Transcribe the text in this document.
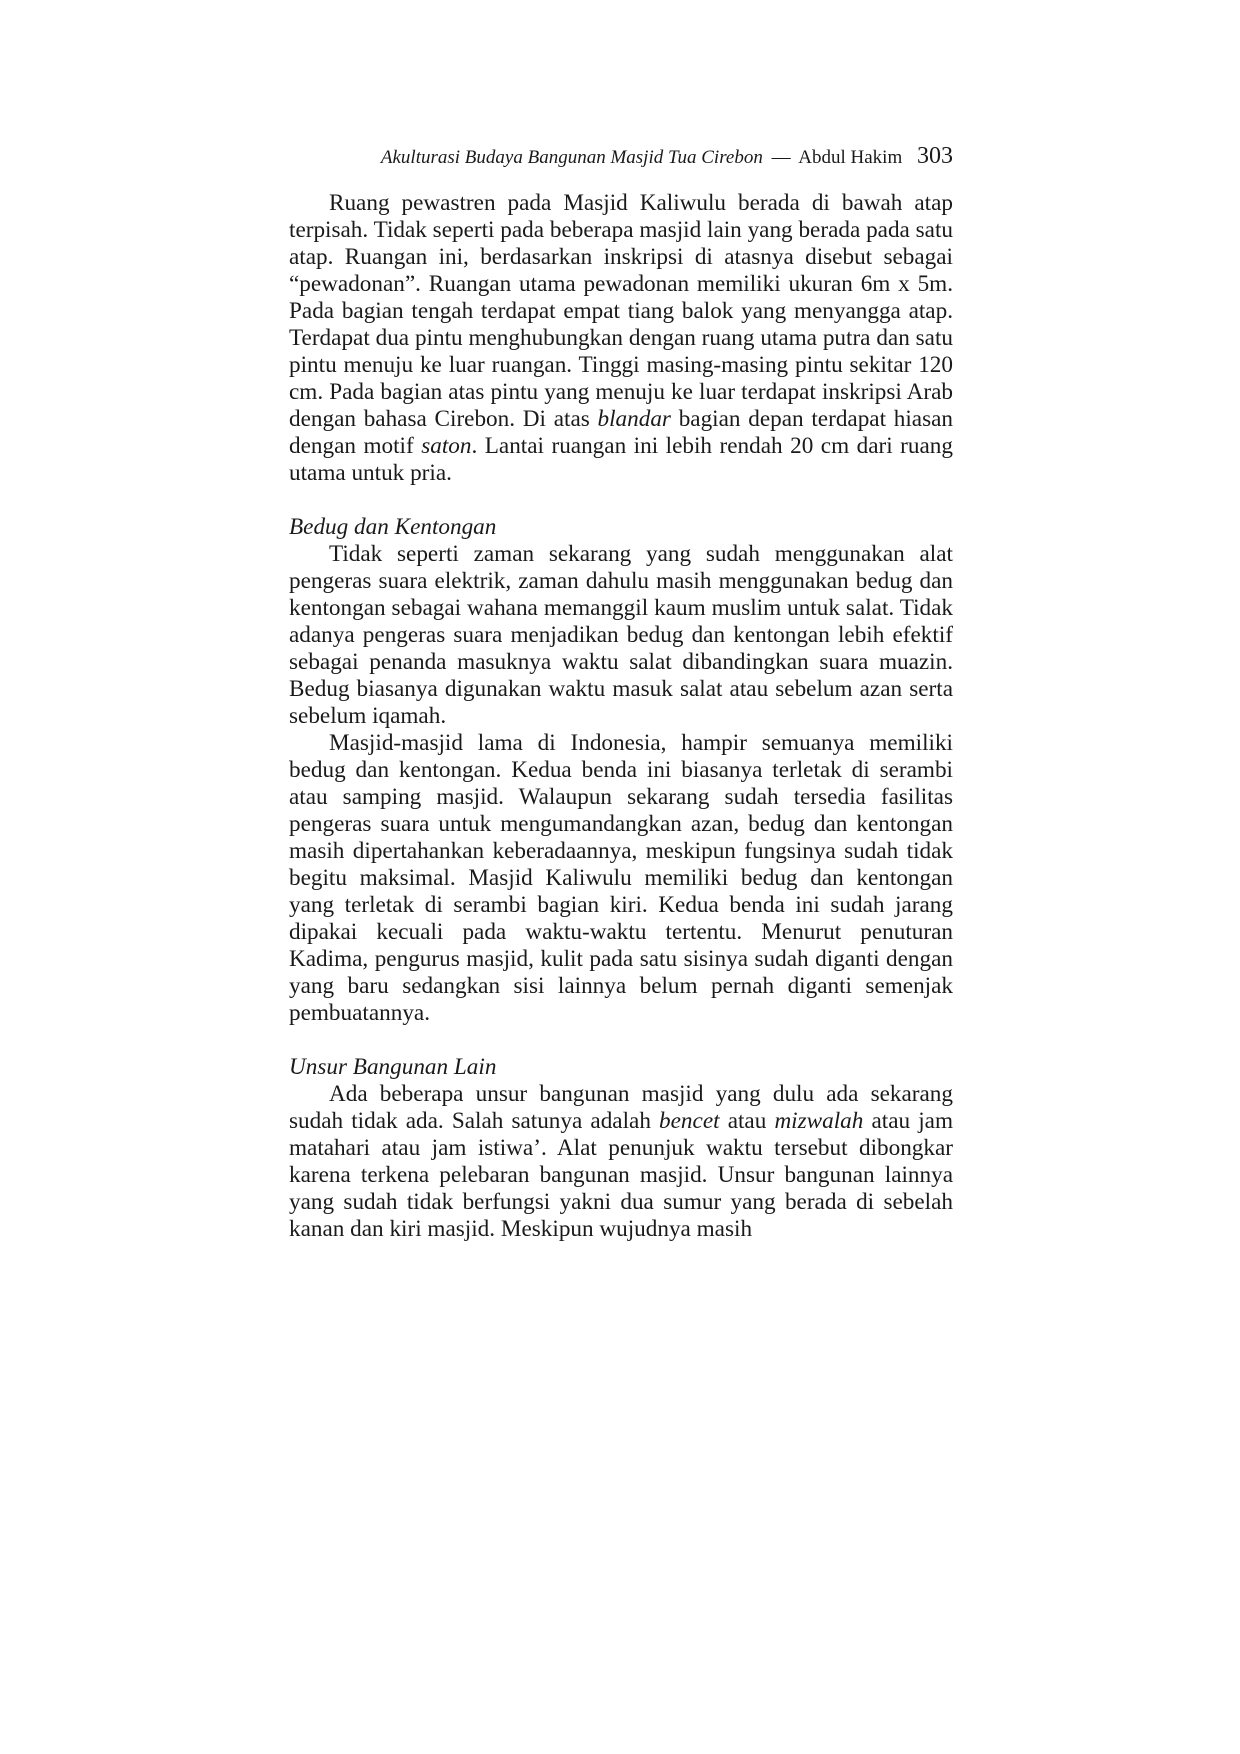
Akulturasi Budaya Bangunan Masjid Tua Cirebon — Abdul Hakim 303

Ruang pewastren pada Masjid Kaliwulu berada di bawah atap terpisah. Tidak seperti pada beberapa masjid lain yang berada pada satu atap. Ruangan ini, berdasarkan inskripsi di atasnya disebut sebagai “pewadonan”. Ruangan utama pewadonan memiliki ukuran 6m x 5m. Pada bagian tengah terdapat empat tiang balok yang menyangga atap. Terdapat dua pintu menghubungkan dengan ruang utama putra dan satu pintu menuju ke luar ruangan. Tinggi masing-masing pintu sekitar 120 cm. Pada bagian atas pintu yang menuju ke luar terdapat inskripsi Arab dengan bahasa Cirebon. Di atas blandar bagian depan terdapat hiasan dengan motif saton. Lantai ruangan ini lebih rendah 20 cm dari ruang utama untuk pria.

Bedug dan Kentongan

Tidak seperti zaman sekarang yang sudah menggunakan alat pengeras suara elektrik, zaman dahulu masih menggunakan bedug dan kentongan sebagai wahana memanggil kaum muslim untuk salat. Tidak adanya pengeras suara menjadikan bedug dan kentongan lebih efektif sebagai penanda masuknya waktu salat dibandingkan suara muazin. Bedug biasanya digunakan waktu masuk salat atau sebelum azan serta sebelum iqamah.

Masjid-masjid lama di Indonesia, hampir semuanya memiliki bedug dan kentongan. Kedua benda ini biasanya terletak di serambi atau samping masjid. Walaupun sekarang sudah tersedia fasilitas pengeras suara untuk mengumandangkan azan, bedug dan kentongan masih dipertahankan keberadaannya, meskipun fungsinya sudah tidak begitu maksimal. Masjid Kaliwulu memiliki bedug dan kentongan yang terletak di serambi bagian kiri. Kedua benda ini sudah jarang dipakai kecuali pada waktu-waktu tertentu. Menurut penuturan Kadima, pengurus masjid, kulit pada satu sisinya sudah diganti dengan yang baru sedangkan sisi lainnya belum pernah diganti semenjak pembuatannya.

Unsur Bangunan Lain

Ada beberapa unsur bangunan masjid yang dulu ada sekarang sudah tidak ada. Salah satunya adalah bencet atau mizwalah atau jam matahari atau jam istiwa’. Alat penunjuk waktu tersebut dibongkar karena terkena pelebaran bangunan masjid. Unsur bangunan lainnya yang sudah tidak berfungsi yakni dua sumur yang berada di sebelah kanan dan kiri masjid. Meskipun wujudnya masih
